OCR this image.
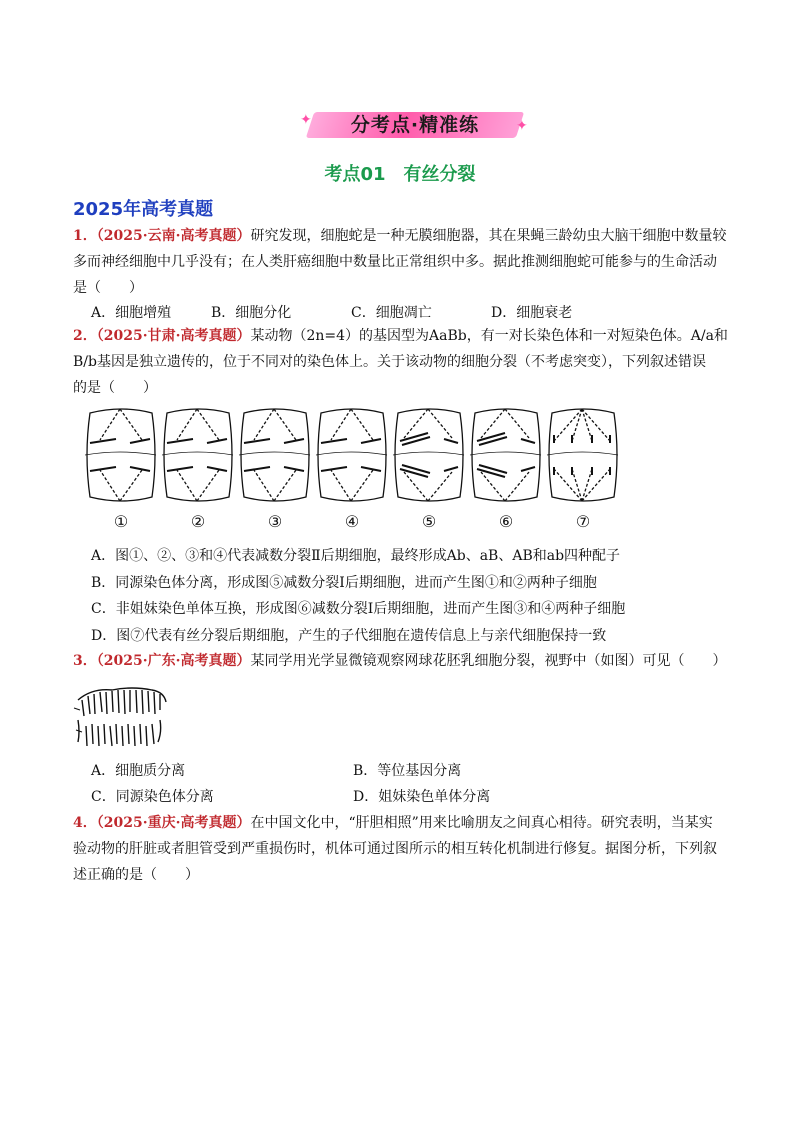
分考点·精准练
✦	✦
考点01　有丝分裂
2025年高考真题
1．（2025·云南·高考真题）研究发现，细胞蛇是一种无膜细胞器，其在果蝇三龄幼虫大脑干细胞中数量较
多而神经细胞中几乎没有；在人类肝癌细胞中数量比正常组织中多。据此推测细胞蛇可能参与的生命活动
是（　　）
A．细胞增殖	B．细胞分化	C．细胞凋亡	D．细胞衰老
2．（2025·甘肃·高考真题）某动物（2n=4）的基因型为AaBb，有一对长染色体和一对短染色体。A/a和
B/b基因是独立遗传的，位于不同对的染色体上。关于该动物的细胞分裂（不考虑突变），下列叙述错误
的是（　　）
①	②	③	④	⑤	⑥	⑦
A．图①、②、③和④代表减数分裂Ⅱ后期细胞，最终形成Ab、aB、AB和ab四种配子
B．同源染色体分离，形成图⑤减数分裂Ⅰ后期细胞，进而产生图①和②两种子细胞
C．非姐妹染色单体互换，形成图⑥减数分裂Ⅰ后期细胞，进而产生图③和④两种子细胞
D．图⑦代表有丝分裂后期细胞，产生的子代细胞在遗传信息上与亲代细胞保持一致
3．（2025·广东·高考真题）某同学用光学显微镜观察网球花胚乳细胞分裂，视野中（如图）可见（　　）
A．细胞质分离	B．等位基因分离
C．同源染色体分离	D．姐妹染色单体分离
4．（2025·重庆·高考真题）在中国文化中，“肝胆相照”用来比喻朋友之间真心相待。研究表明，当某实
验动物的肝脏或者胆管受到严重损伤时，机体可通过图所示的相互转化机制进行修复。据图分析，下列叙
述正确的是（　　）
